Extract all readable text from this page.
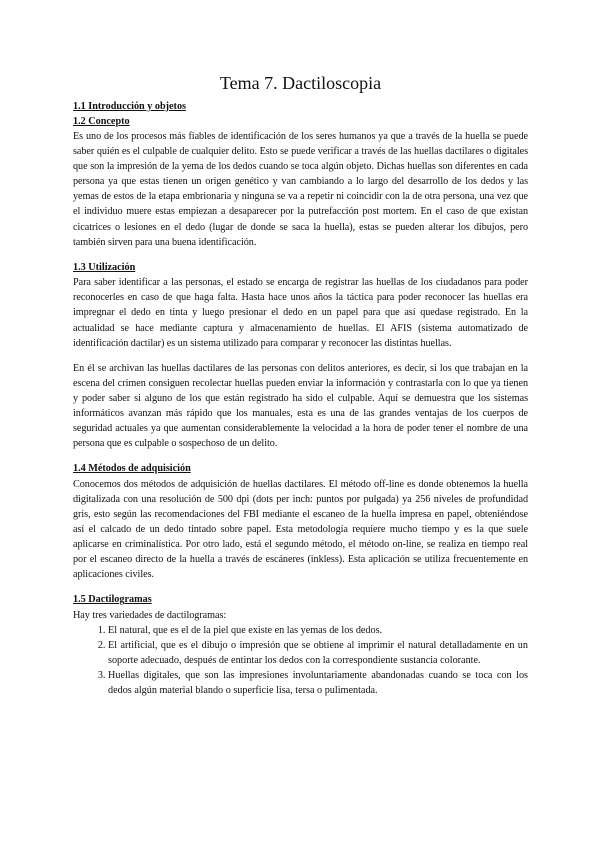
Tema 7. Dactiloscopia
1.1 Introducción y objetos
1.2 Concepto

Es uno de los procesos más fiables de identificación de los seres humanos ya que a través de la huella se puede saber quién es el culpable de cualquier delito. Esto se puede verificar a través de las huellas dactilares o digitales que son la impresión de la yema de los dedos cuando se toca algún objeto. Dichas huellas son diferentes en cada persona ya que estas tienen un origen genético y van cambiando a lo largo del desarrollo de los dedos y las yemas de estos de la etapa embrionaria y ninguna se va a repetir ni coincidir con la de otra persona, una vez que el individuo muere estas empiezan a desaparecer por la putrefacción post mortem. En el caso de que existan cicatrices o lesiones en el dedo (lugar de donde se saca la huella), estas se pueden alterar los dibujos, pero también sirven para una buena identificación.

1.3 Utilización

Para saber identificar a las personas, el estado se encarga de registrar las huellas de los ciudadanos para poder reconocerles en caso de que haga falta. Hasta hace unos años la táctica para poder reconocer las huellas era impregnar el dedo en tinta y luego presionar el dedo en un papel para que así quedase registrado. En la actualidad se hace mediante captura y almacenamiento de huellas. El AFIS (sistema automatizado de identificación dactilar) es un sistema utilizado para comparar y reconocer las distintas huellas.

En él se archivan las huellas dactilares de las personas con delitos anteriores, es decir, si los que trabajan en la escena del crimen consiguen recolectar huellas pueden enviar la información y contrastarla con lo que ya tienen y poder saber si alguno de los que están registrado ha sido el culpable. Aquí se demuestra que los sistemas informáticos avanzan más rápido que los manuales, esta es una de las grandes ventajas de los cuerpos de seguridad actuales ya que aumentan considerablemente la velocidad a la hora de poder tener el nombre de una persona que es culpable o sospechoso de un delito.

1.4 Métodos de adquisición

Conocemos dos métodos de adquisición de huellas dactilares. El método off-line es donde obtenemos la huella digitalizada con una resolución de 500 dpi (dots per inch: puntos por pulgada) ya 256 niveles de profundidad gris, esto según las recomendaciones del FBI mediante el escaneo de la huella impresa en papel, obteniéndose así el calcado de un dedo tintado sobre papel. Esta metodología requiere mucho tiempo y es la que suele aplicarse en criminalística. Por otro lado, está el segundo método, el método on-line, se realiza en tiempo real por el escaneo directo de la huella a través de escáneres (inkless). Esta aplicación se utiliza frecuentemente en aplicaciones civiles.

1.5 Dactilogramas

Hay tres variedades de dactilogramas:

1. El natural, que es el de la piel que existe en las yemas de los dedos.
2. El artificial, que es el dibujo o impresión que se obtiene al imprimir el natural detalladamente en un soporte adecuado, después de entintar los dedos con la correspondiente sustancia colorante.
3. Huellas digitales, que son las impresiones involuntariamente abandonadas cuando se toca con los dedos algún material blando o superficie lisa, tersa o pulimentada.
